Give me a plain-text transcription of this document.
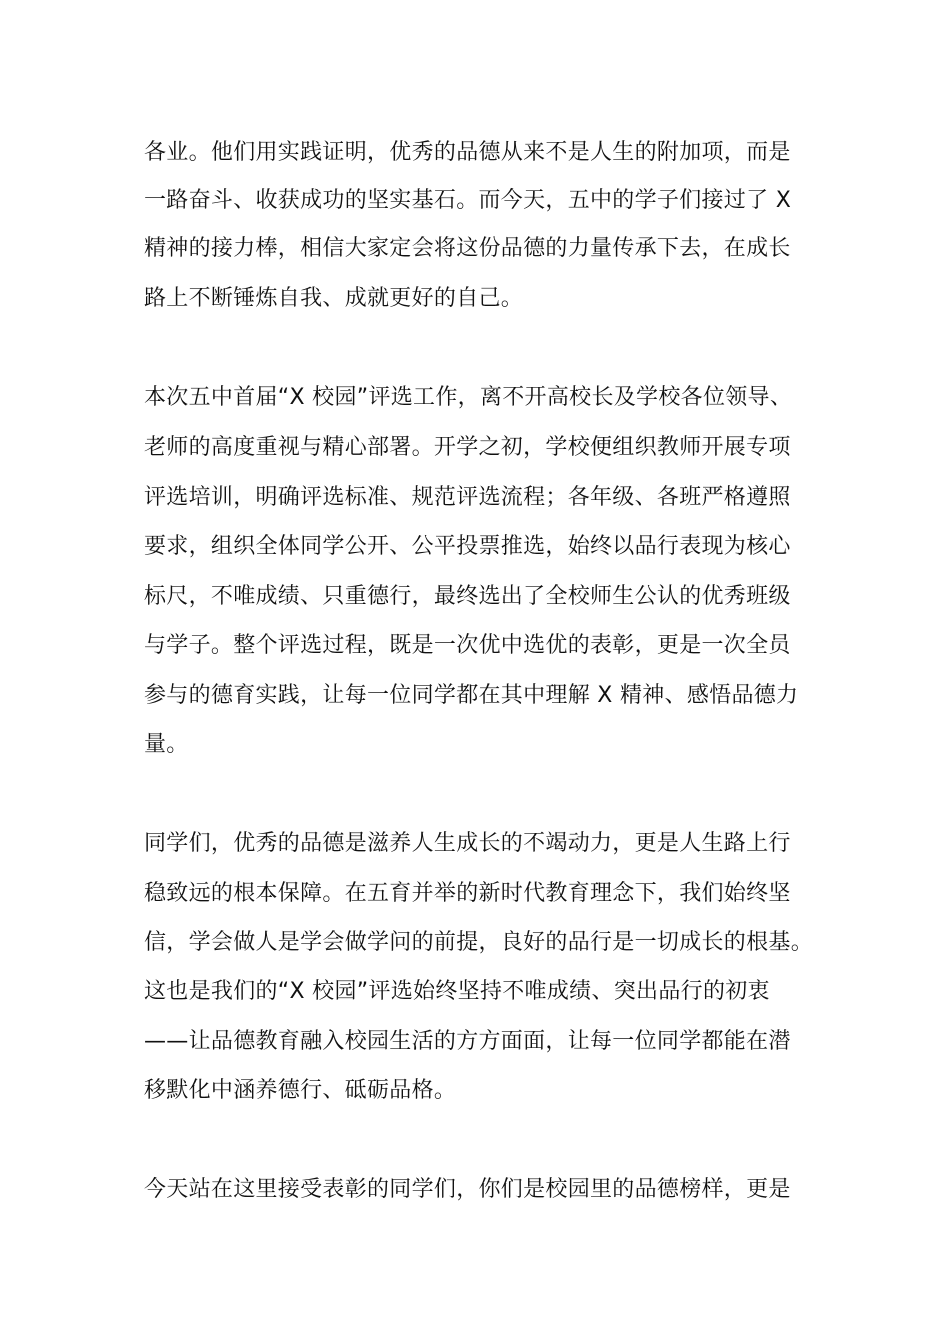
各业。他们用实践证明，优秀的品德从来不是人生的附加项，而是
一路奋斗、收获成功的坚实基石。而今天，五中的学子们接过了 X
精神的接力棒，相信大家定会将这份品德的力量传承下去，在成长
路上不断锤炼自我、成就更好的自己。
本次五中首届“X 校园”评选工作，离不开高校长及学校各位领导、
老师的高度重视与精心部署。开学之初，学校便组织教师开展专项
评选培训，明确评选标准、规范评选流程；各年级、各班严格遵照
要求，组织全体同学公开、公平投票推选，始终以品行表现为核心
标尺，不唯成绩、只重德行，最终选出了全校师生公认的优秀班级
与学子。整个评选过程，既是一次优中选优的表彰，更是一次全员
参与的德育实践，让每一位同学都在其中理解 X 精神、感悟品德力
量。
同学们，优秀的品德是滋养人生成长的不竭动力，更是人生路上行
稳致远的根本保障。在五育并举的新时代教育理念下，我们始终坚
信，学会做人是学会做学问的前提，良好的品行是一切成长的根基。
这也是我们的“X 校园”评选始终坚持不唯成绩、突出品行的初衷
——让品德教育融入校园生活的方方面面，让每一位同学都能在潜
移默化中涵养德行、砥砺品格。
今天站在这里接受表彰的同学们，你们是校园里的品德榜样，更是
